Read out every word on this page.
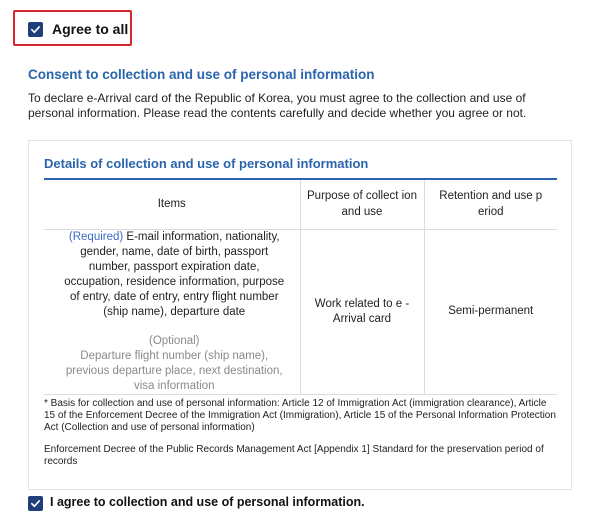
Agree to all
Consent to collection and use of personal information

To declare e-Arrival card of the Republic of Korea, you must agree to the collection and use of personal information. Please read the contents carefully and decide whether you agree or not.

Details of collection and use of personal information
Items	Purpose of collect ion and use	Retention and use p eriod

(Required) E-mail information, nationality, gender, name, date of birth, passport number, passport expiration date, occupation, residence information, purpose of entry, date of entry, entry flight number (ship name), departure date
(Optional)
Departure flight number (ship name), previous departure place, next destination, visa information	Work related to e -Arrival card	Semi-permanent

* Basis for collection and use of personal information: Article 12 of Immigration Act (immigration clearance), Article 15 of the Enforcement Decree of the Immigration Act (Immigration), Article 15 of the Personal Information Protection Act (Collection and use of personal information)

Enforcement Decree of the Public Records Management Act [Appendix 1] Standard for the preservation period of records

I agree to collection and use of personal information.
